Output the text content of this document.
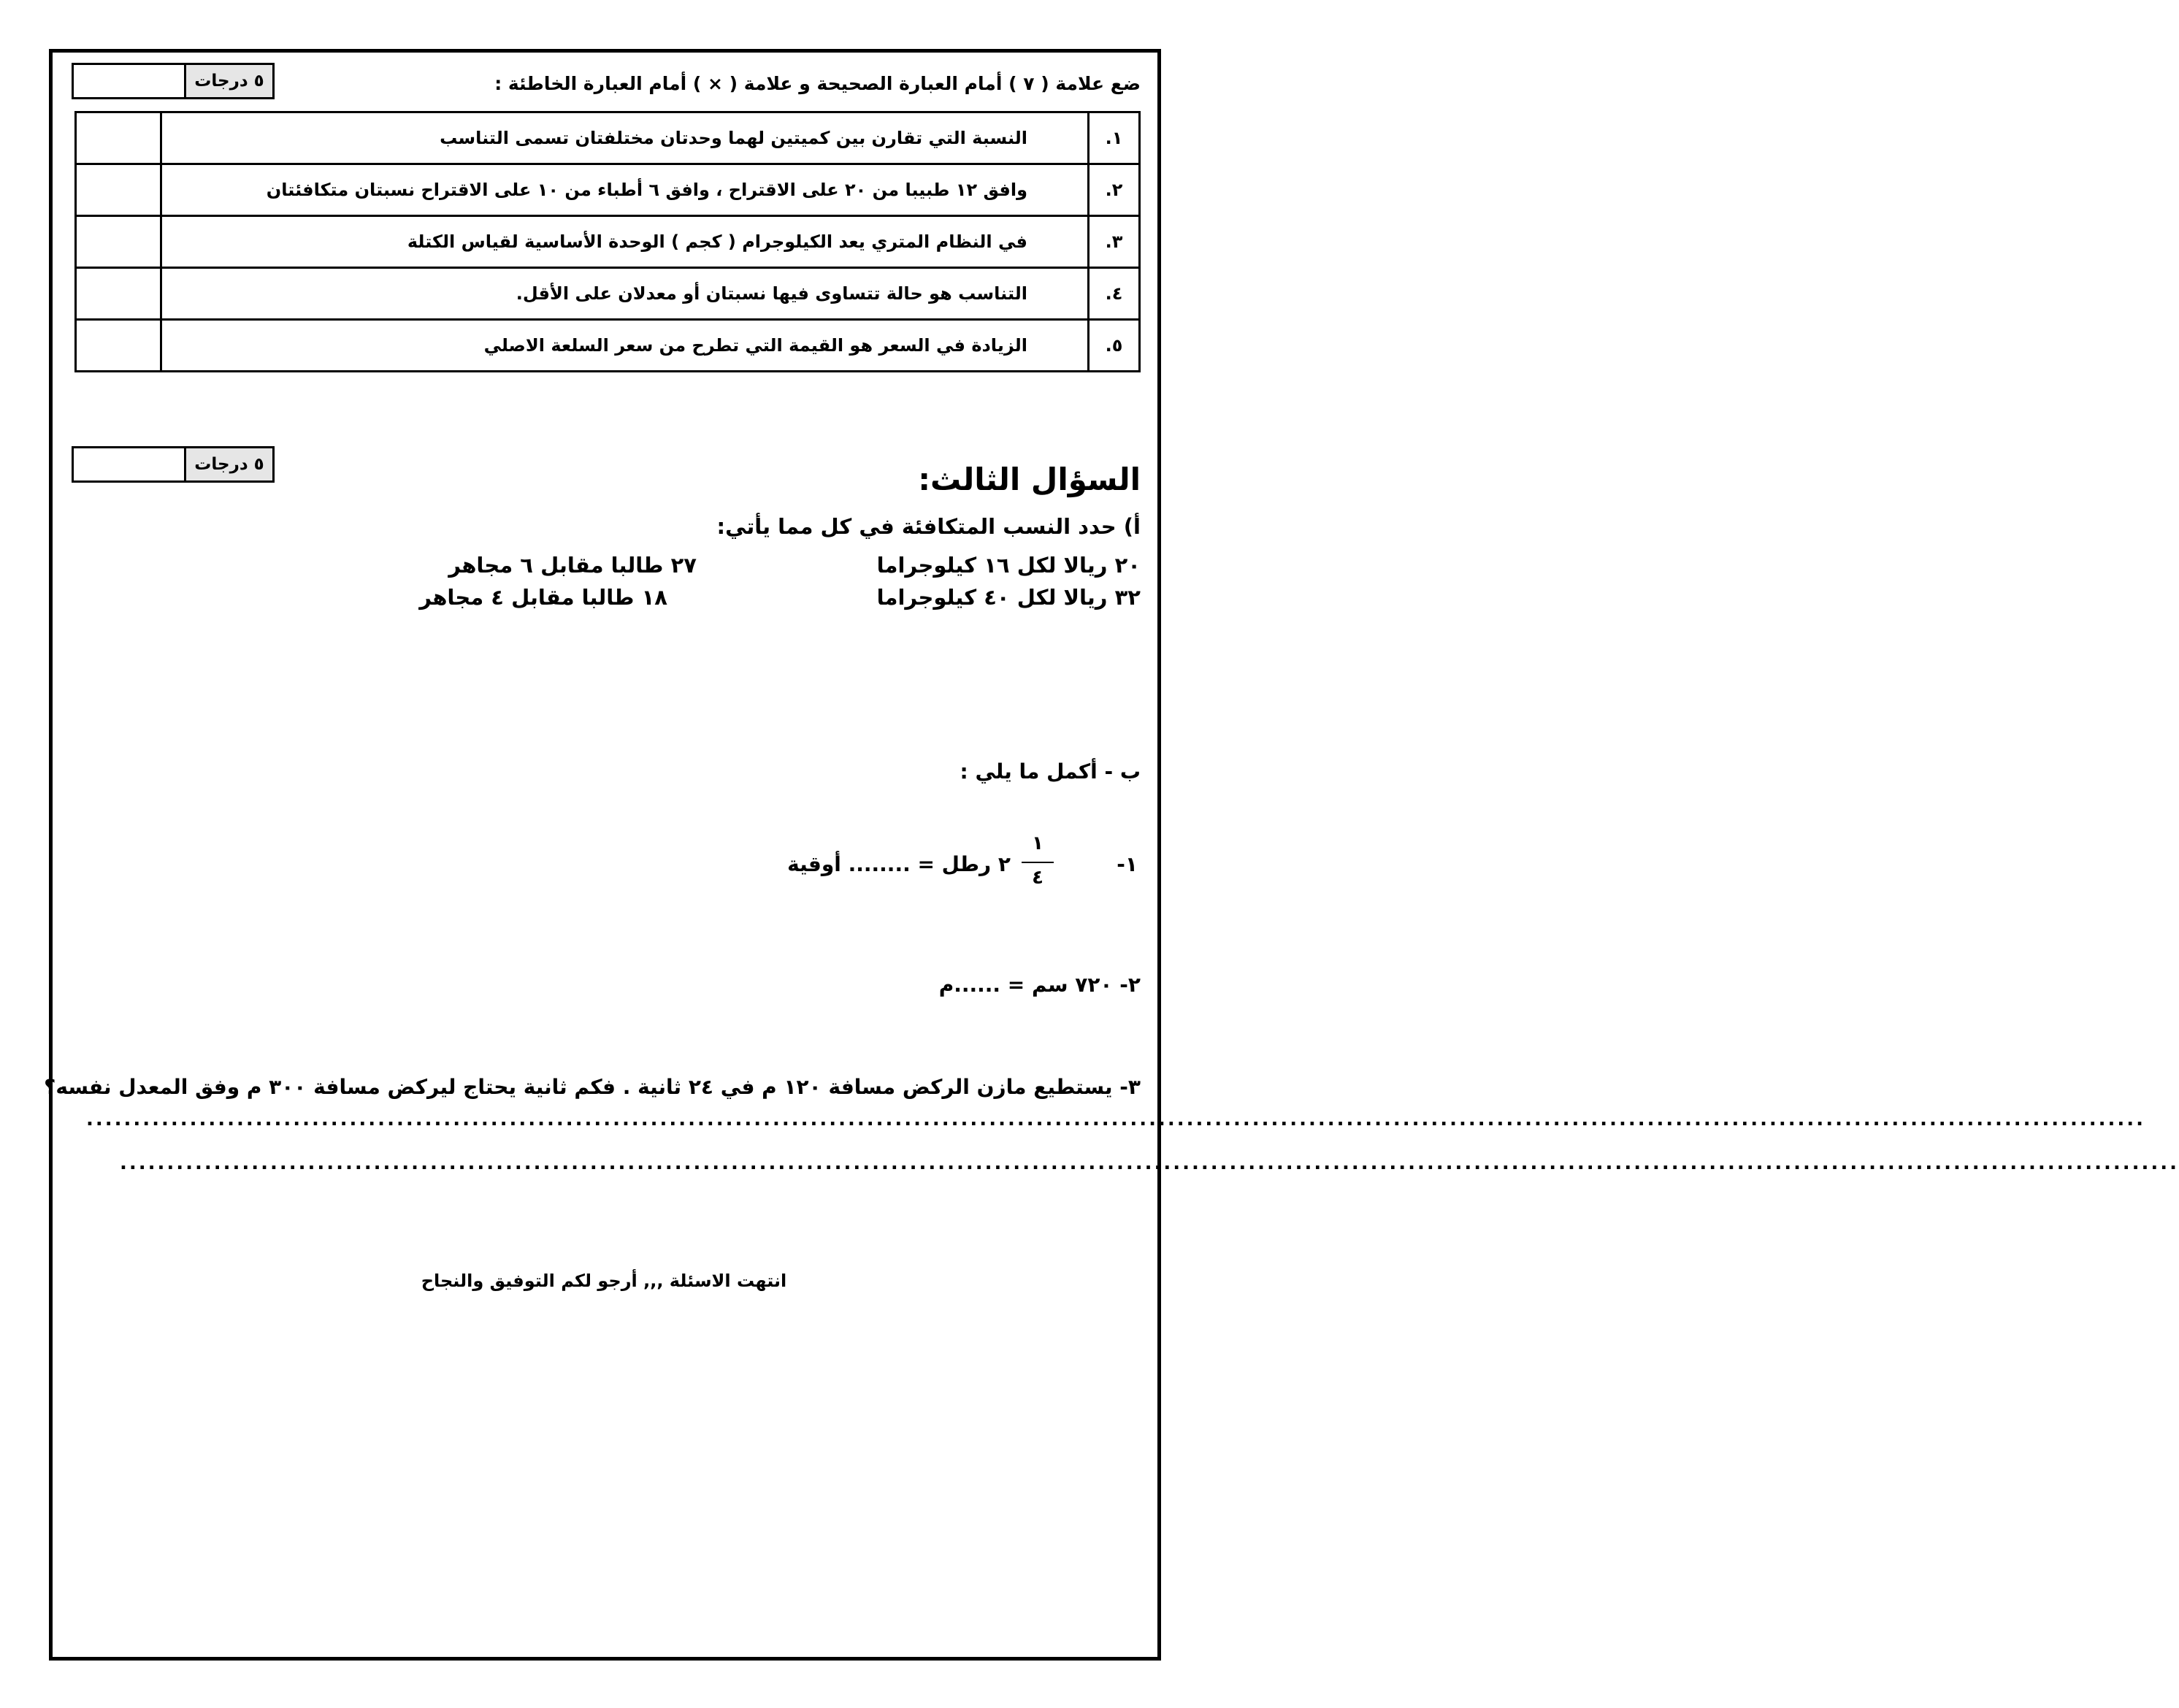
٥ درجات	ضع علامة ( ٧ ) أمام العبارة الصحيحة و علامة ( × ) أمام العبارة الخاطئة :
	النسبة التي تقارن بين كميتين لهما وحدتان مختلفتان تسمى التناسب	١.
	وافق ١٢ طبيبا من ٢٠ على الاقتراح ، وافق ٦ أطباء من ١٠ على الاقتراح نسبتان متكافئتان	٢.
	في النظام المتري يعد الكيلوجرام ( كجم ) الوحدة الأساسية لقياس الكتلة	٣.
	التناسب هو حالة تتساوى فيها نسبتان أو معدلان على الأقل.	٤.
	الزيادة في السعر هو القيمة التي تطرح من سعر السلعة الاصلي	٥.
٥ درجات	السؤال الثالث:
أ) حدد النسب المتكافئة في كل مما يأتي:
٢٠ ريالا لكل ١٦ كيلوجراما
٣٢ ريالا لكل ٤٠ كيلوجراما
٢٧ طالبا مقابل ٦ مجاهر
١٨ طالبا مقابل ٤ مجاهر
ب - أكمل ما يلي :
١-
١
٤
٢ رطل = ........ أوقية
٢- ٧٢٠ سم = ......م
٣- يستطيع مازن الركض مسافة ١٢٠ م في ٢٤ ثانية . فكم ثانية يحتاج ليركض مسافة ٣٠٠ م وفق المعدل نفسه؟
...........................................................................................................................................................................................................................
...........................................................................................................................................................................................................................
انتهت الاسئلة ,,, أرجو لكم التوفيق والنجاح
